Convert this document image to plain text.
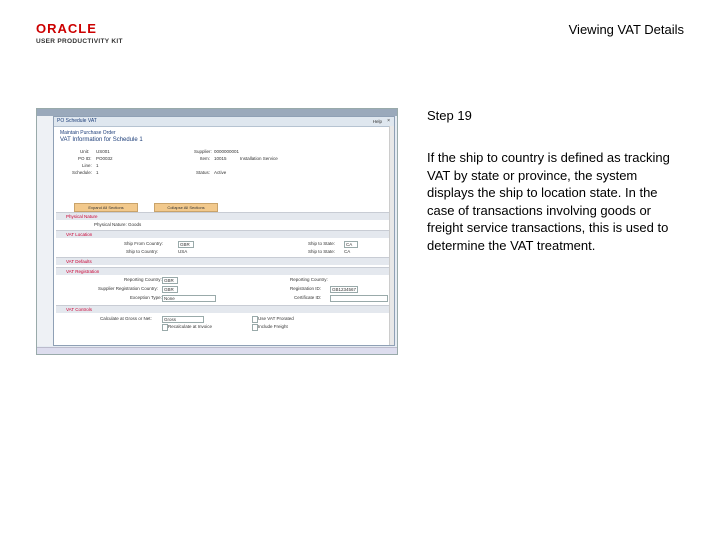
ORACLE
USER PRODUCTIVITY KIT
Viewing VAT Details
PO Schedule VAT	Help ×
Maintain Purchase Order
VAT Information for Schedule 1
Unit: US001
PO ID: PO0032
Line: 1
Schedule: 1
Supplier: 0000000001
Item: 10015	Installation Service
Status: Active
Expand All Sections	Collapse All Sections
Physical Nature
Physical Nature: Goods
VAT Location
Ship From Country:	GBR
Ship to Country:	USA
Ship to State: CA
Ship to State: CA
VAT Defaults
VAT Registration
Reporting Country: GBR
Supplier Registration Country: GBR
Exception Type: None
Reporting Country:
Registration ID: GB1234567
Certificate ID:
VAT Controls
Calculate at Gross or Net:	Gross
Recalculate at Invoice
Use VAT Prorated
Include Freight
Step 19
If the ship to country is defined as tracking VAT by state or province, the system displays the ship to location state. In the case of transactions involving goods or freight service transactions, this is used to determine the VAT treatment.
